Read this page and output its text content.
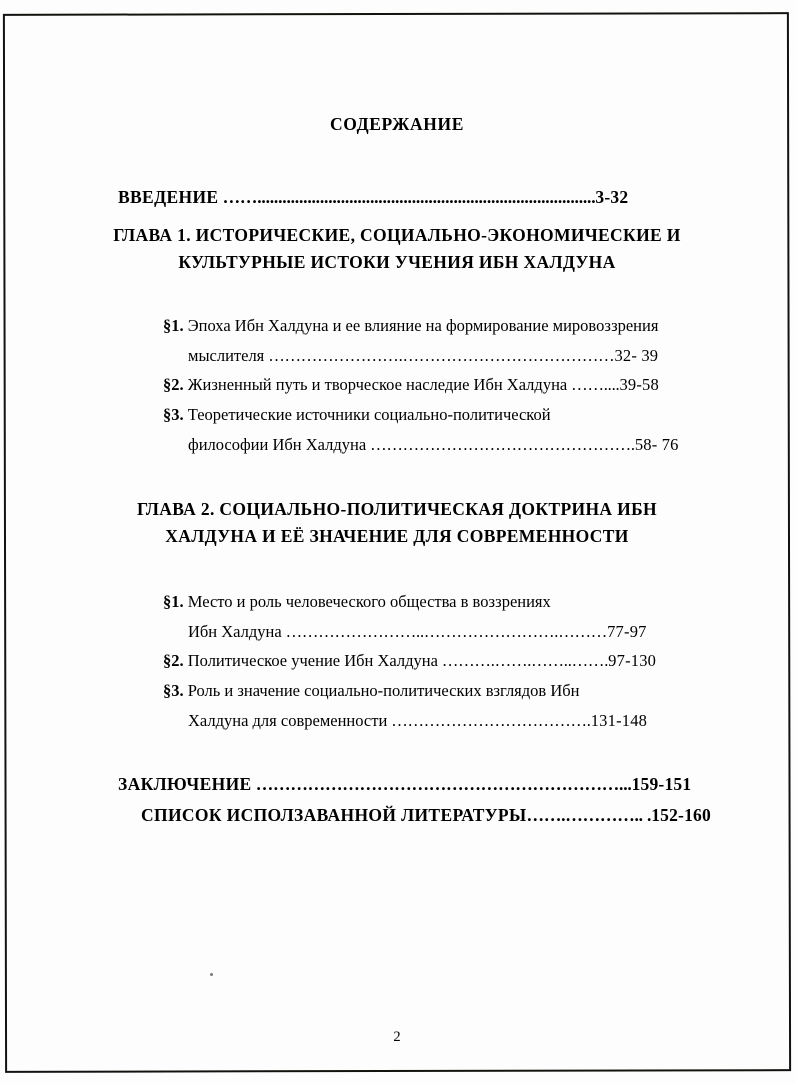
СОДЕРЖАНИЕ
ВВЕДЕНИЕ …….................................................................................3-32
ГЛАВА 1. ИСТОРИЧЕСКИЕ, СОЦИАЛЬНО-ЭКОНОМИЧЕСКИЕ И
КУЛЬТУРНЫЕ ИСТОКИ УЧЕНИЯ ИБН ХАЛДУНА
§1. Эпоха Ибн Халдуна и ее влияние на формирование мировоззрения
мыслителя …………………….…………………………………32- 39
§2. Жизненный путь и творческое наследие Ибн Халдуна ……....39-58
§3. Теоретические источники социально-политической
философии Ибн Халдуна ………………………………………….58- 76
ГЛАВА 2. СОЦИАЛЬНО-ПОЛИТИЧЕСКАЯ ДОКТРИНА ИБН
ХАЛДУНА И ЕЁ ЗНАЧЕНИЕ ДЛЯ СОВРЕМЕННОСТИ
§1. Место и роль человеческого общества в воззрениях
Ибн Халдуна ……………………..…………………….………77-97
§2. Политическое учение Ибн Халдуна ……….…….……..…….97-130
§3. Роль и значение социально-политических взглядов Ибн
Халдуна для современности ……………………………….131-148
ЗАКЛЮЧЕНИЕ ………………………………………………………...159-151
СПИСОК ИСПОЛЗАВАННОЙ ЛИТЕРАТУРЫ…….………….. .152-160
2
